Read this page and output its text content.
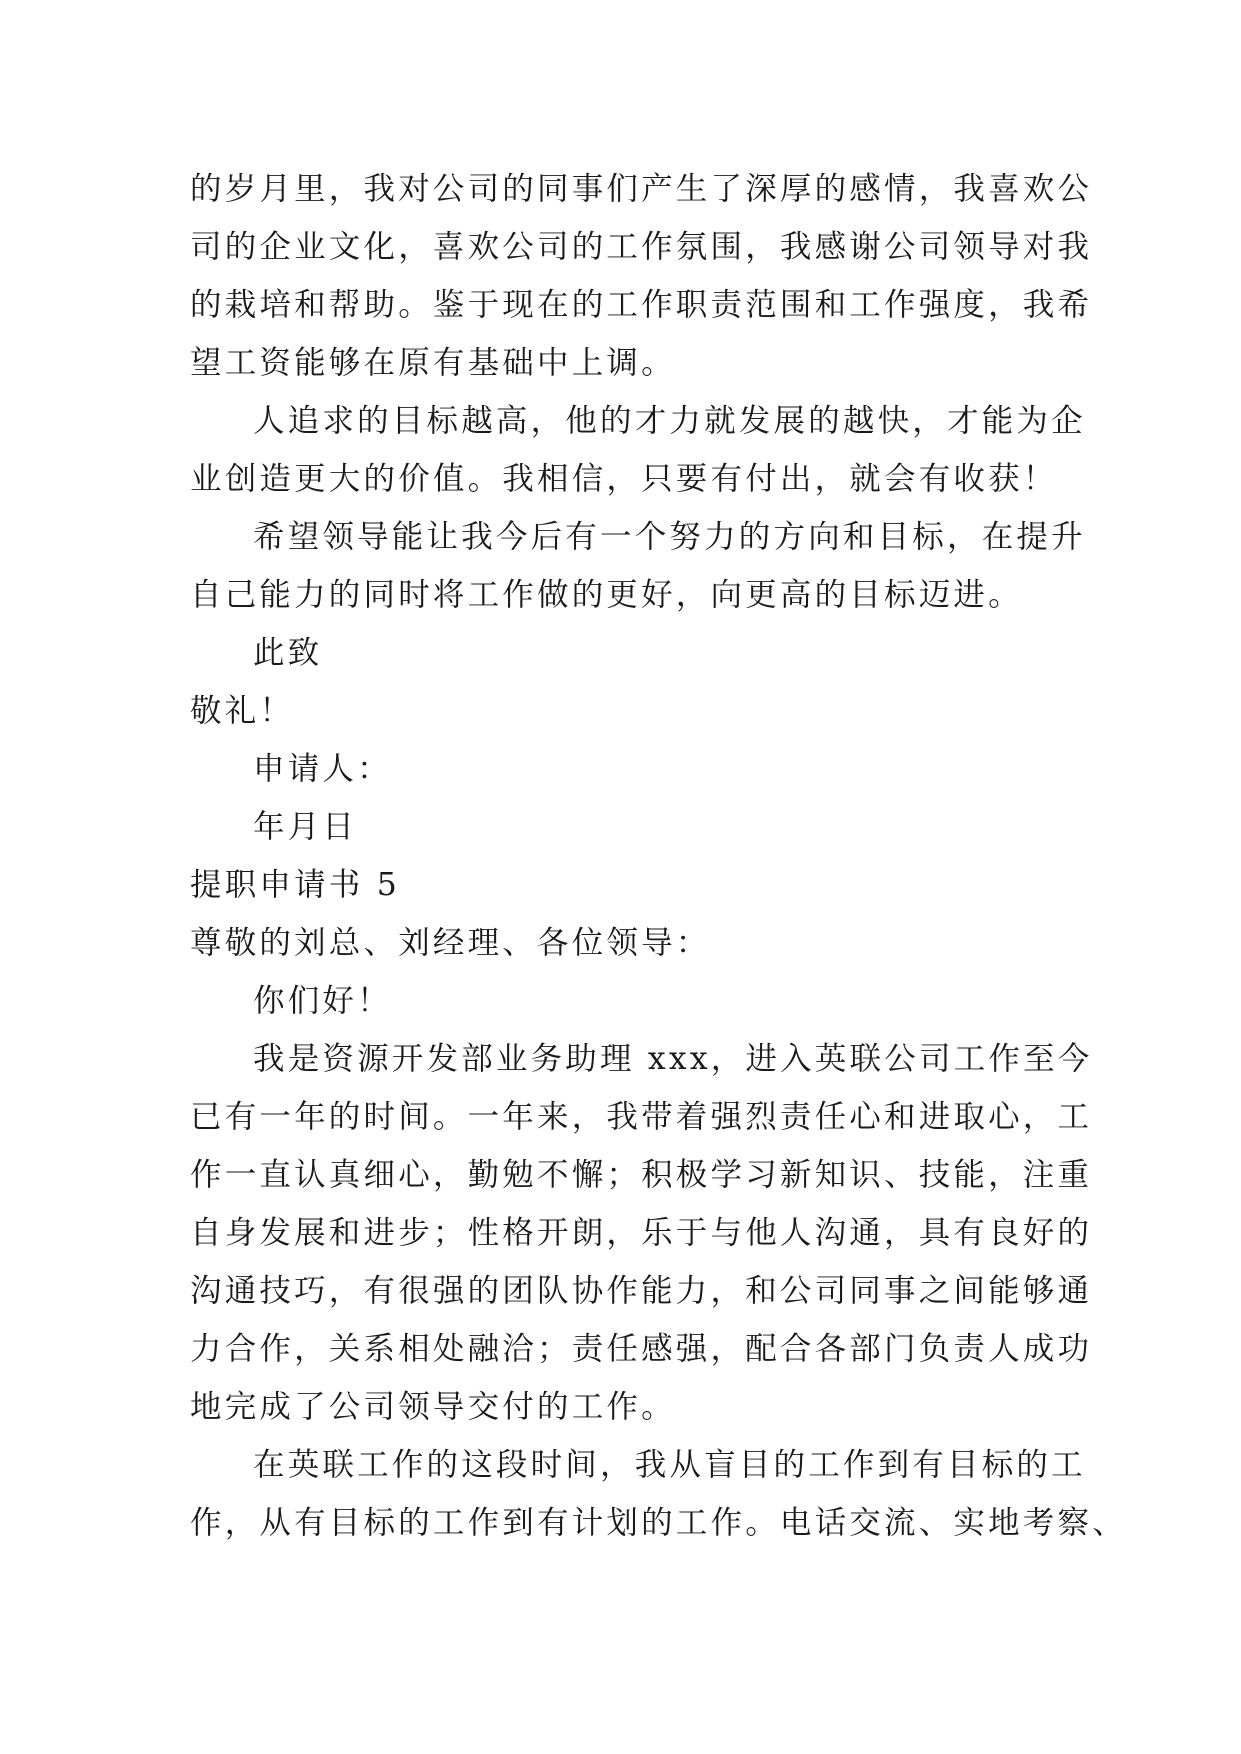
的岁月里，我对公司的同事们产生了深厚的感情，我喜欢公
司的企业文化，喜欢公司的工作氛围，我感谢公司领导对我
的栽培和帮助。鉴于现在的工作职责范围和工作强度，我希
望工资能够在原有基础中上调。
人追求的目标越高，他的才力就发展的越快，才能为企
业创造更大的价值。我相信，只要有付出，就会有收获！
希望领导能让我今后有一个努力的方向和目标，在提升
自己能力的同时将工作做的更好，向更高的目标迈进。
此致
敬礼！
申请人：
年月日
提职申请书 5
尊敬的刘总、刘经理、各位领导：
你们好！
我是资源开发部业务助理 xxx，进入英联公司工作至今
已有一年的时间。一年来，我带着强烈责任心和进取心，工
作一直认真细心，勤勉不懈；积极学习新知识、技能，注重
自身发展和进步；性格开朗，乐于与他人沟通，具有良好的
沟通技巧，有很强的团队协作能力，和公司同事之间能够通
力合作，关系相处融洽；责任感强，配合各部门负责人成功
地完成了公司领导交付的工作。
在英联工作的这段时间，我从盲目的工作到有目标的工
作，从有目标的工作到有计划的工作。电话交流、实地考察、
